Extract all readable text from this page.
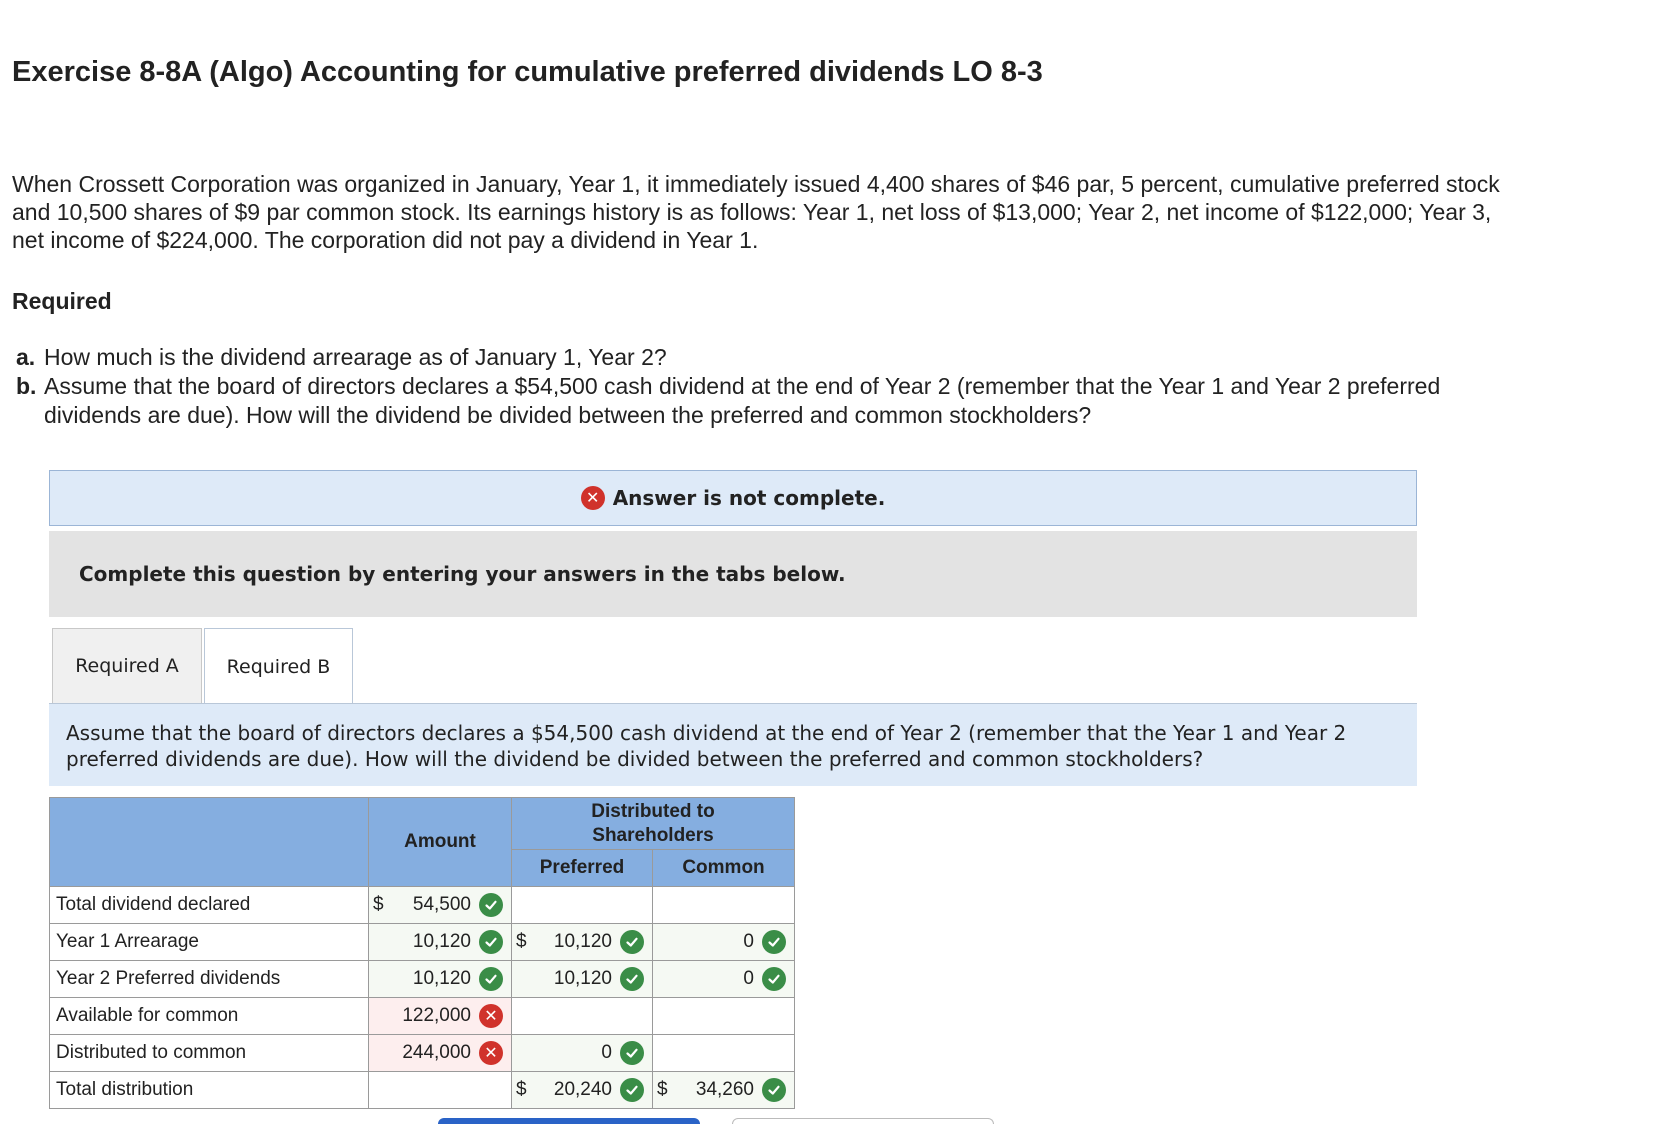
Exercise 8-8A (Algo) Accounting for cumulative preferred dividends LO 8-3

When Crossett Corporation was organized in January, Year 1, it immediately issued 4,400 shares of $46 par, 5 percent, cumulative preferred stock and 10,500 shares of $9 par common stock. Its earnings history is as follows: Year 1, net loss of $13,000; Year 2, net income of $122,000; Year 3, net income of $224,000. The corporation did not pay a dividend in Year 1.

Required
a. How much is the dividend arrearage as of January 1, Year 2?
b. Assume that the board of directors declares a $54,500 cash dividend at the end of Year 2 (remember that the Year 1 and Year 2 preferred dividends are due). How will the dividend be divided between the preferred and common stockholders?
✕ Answer is not complete.
Complete this question by entering your answers in the tabs below.
Required A	Required B
Assume that the board of directors declares a $54,500 cash dividend at the end of Year 2 (remember that the Year 1 and Year 2 preferred dividends are due). How will the dividend be divided between the preferred and common stockholders?
	Amount	Distributed to Shareholders	
		Preferred	Common
Total dividend declared	$ 54,500		

Year 1 Arrearage	10,120	$ 10,120	0

Year 2 Preferred dividends	10,120	10,120	0

Available for common	122,000 ✕		

Distributed to common	244,000 ✕	0	

Total distribution		$ 20,240	$ 34,260
